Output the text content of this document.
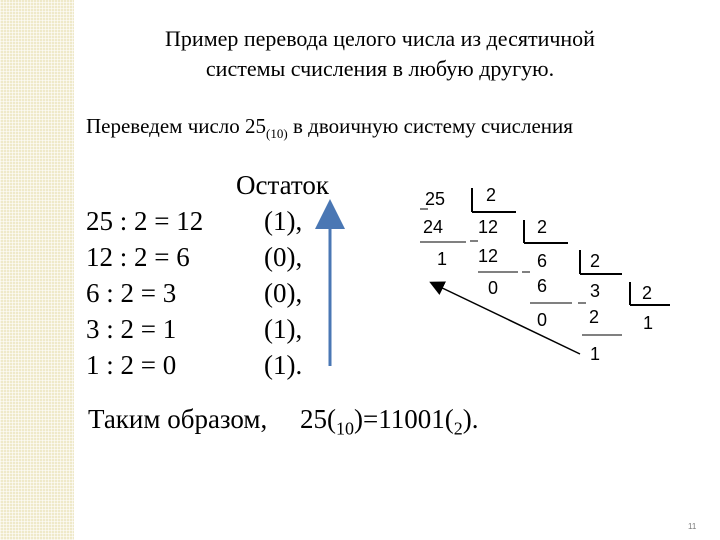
Пример перевода целого числа из десятичной
системы счисления в любую другую.
Переведем число $25_{(10)}$ в двоичную систему счисления
Остаток
25 : 2 = 12
12 : 2 = 6
6 : 2 = 3
3 : 2 = 1
1 : 2 = 0
(1),
(0),
(0),
(1),
(1).
25 2
24 12
1 12
2
0
6
6
2
0
3
2
2
1
1
Таким образом, $25(_{10})=11001(_2)$.
11
